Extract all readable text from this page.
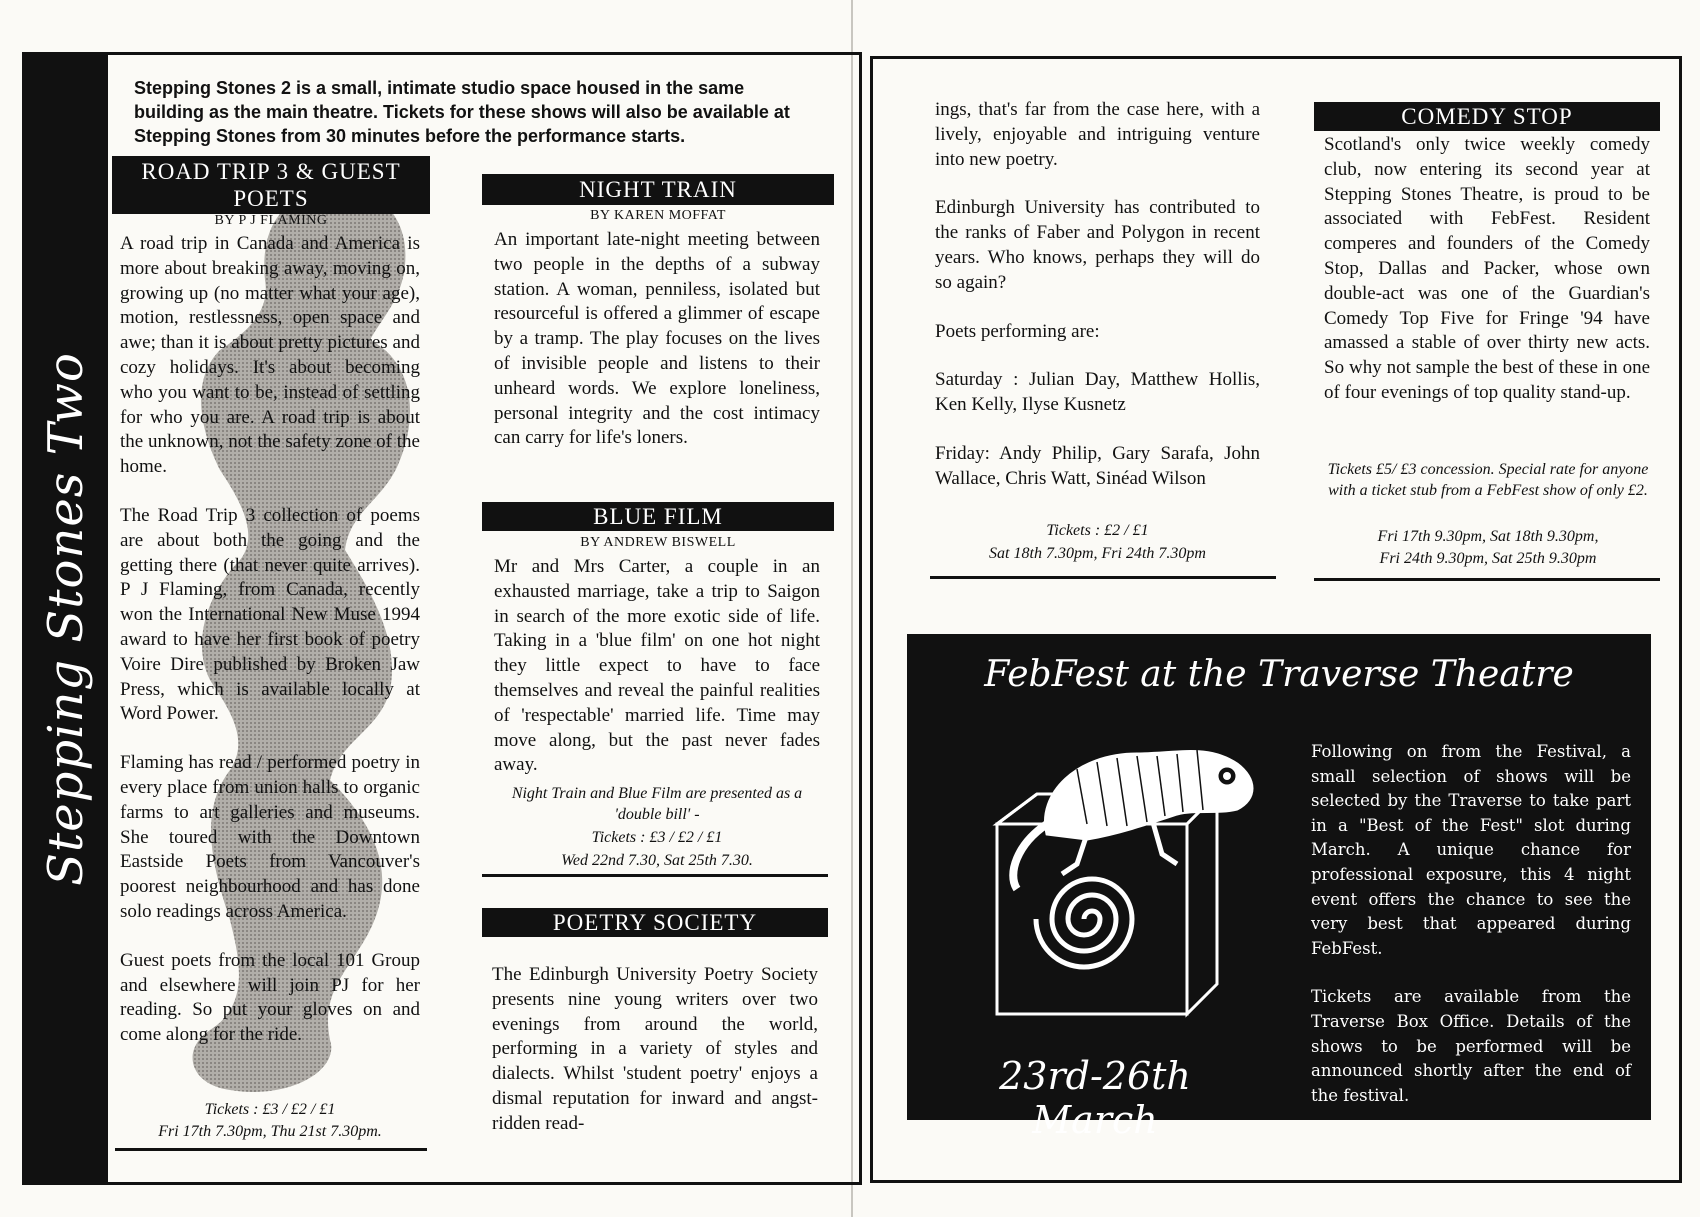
Stepping Stones Two
Stepping Stones 2 is a small, intimate studio space housed in the same building as the main theatre. Tickets for these shows will also be available at Stepping Stones from 30 minutes before the performance starts.
ROAD TRIP 3 & GUEST POETS
BY P J FLAMING

A road trip in Canada and America is more about breaking away, moving on, growing up (no matter what your age), motion, restlessness, open space and awe; than it is about pretty pictures and cozy holidays. It's about becoming who you want to be, instead of settling for who you are. A road trip is about the unknown, not the safety zone of the home.

The Road Trip 3 collection of poems are about both the going and the getting there (that never quite arrives). P J Flaming, from Canada, recently won the International New Muse 1994 award to have her first book of poetry Voire Dire published by Broken Jaw Press, which is available locally at Word Power.

Flaming has read / performed poetry in every place from union halls to organic farms to art galleries and museums. She toured with the Downtown Eastside Poets from Vancouver's poorest neighbourhood and has done solo readings across America.

Guest poets from the local 101 Group and elsewhere will join PJ for her reading. So put your gloves on and come along for the ride.

Tickets : £3 / £2 / £1
Fri 17th 7.30pm, Thu 21st 7.30pm.
NIGHT TRAIN
BY KAREN MOFFAT
An important late-night meeting between two people in the depths of a subway station. A woman, penniless, isolated but resourceful is offered a glimmer of escape by a tramp. The play focuses on the lives of invisible people and listens to their unheard words. We explore loneliness, personal integrity and the cost intimacy can carry for life's loners.
BLUE FILM
BY ANDREW BISWELL
Mr and Mrs Carter, a couple in an exhausted marriage, take a trip to Saigon in search of the more exotic side of life. Taking in a 'blue film' on one hot night they little expect to have to face themselves and reveal the painful realities of 'respectable' married life. Time may move along, but the past never fades away.
Night Train and Blue Film are presented as a 'double bill' -
Tickets : £3 / £2 / £1
Wed 22nd 7.30, Sat 25th 7.30.
POETRY SOCIETY
The Edinburgh University Poetry Society presents nine young writers over two evenings from around the world, performing in a variety of styles and dialects. Whilst 'student poetry' enjoys a dismal reputation for inward and angst-ridden read-

ings, that's far from the case here, with a lively, enjoyable and intriguing venture into new poetry.

Edinburgh University has contributed to the ranks of Faber and Polygon in recent years. Who knows, perhaps they will do so again?

Poets performing are:

Saturday : Julian Day, Matthew Hollis, Ken Kelly, Ilyse Kusnetz

Friday: Andy Philip, Gary Sarafa, John Wallace, Chris Watt, Sinéad Wilson

Tickets : £2 / £1
Sat 18th 7.30pm, Fri 24th 7.30pm
COMEDY STOP
Scotland's only twice weekly comedy club, now entering its second year at Stepping Stones Theatre, is proud to be associated with FebFest. Resident comperes and founders of the Comedy Stop, Dallas and Packer, whose own double-act was one of the Guardian's Comedy Top Five for Fringe '94 have amassed a stable of over thirty new acts. So why not sample the best of these in one of four evenings of top quality stand-up.
Tickets £5/ £3 concession. Special rate for anyone with a ticket stub from a FebFest show of only £2.
Fri 17th 9.30pm, Sat 18th 9.30pm,
Fri 24th 9.30pm, Sat 25th 9.30pm
FebFest at the Traverse Theatre
23rd-26th March

Following on from the Festival, a small selection of shows will be selected by the Traverse to take part in a "Best of the Fest" slot during March. A unique chance for professional exposure, this 4 night event offers the chance to see the very best that appeared during FebFest.

Tickets are available from the Traverse Box Office. Details of the shows to be performed will be announced shortly after the end of the festival.
